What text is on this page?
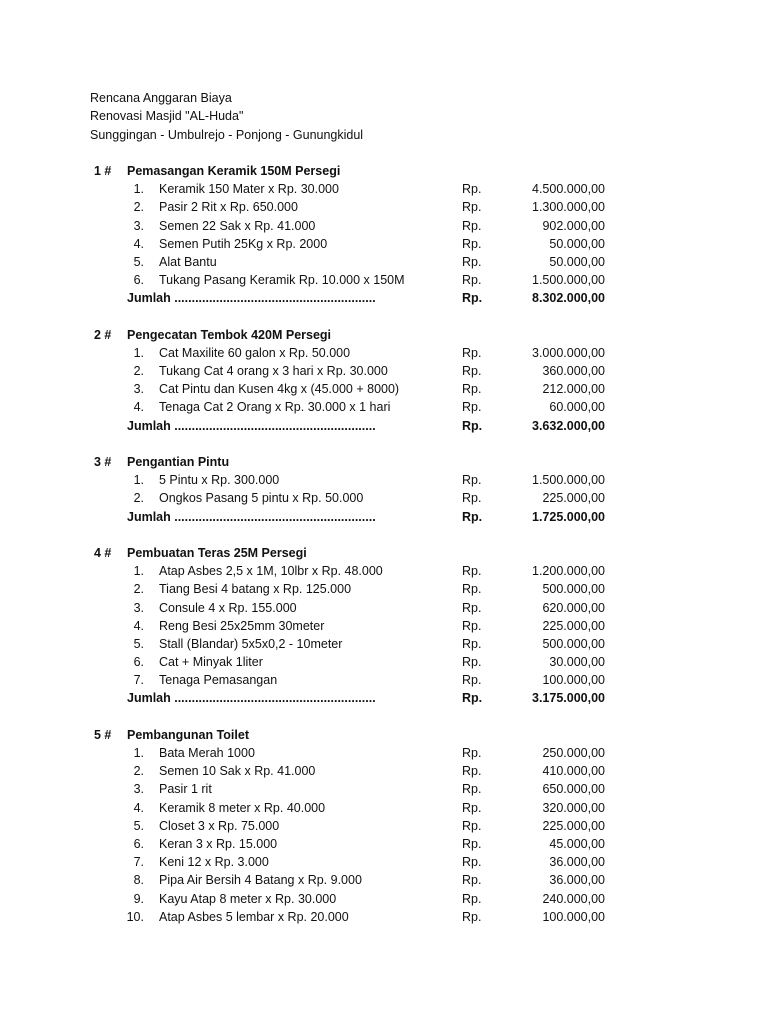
Rencana Anggaran Biaya
Renovasi Masjid "AL-Huda"
Sunggingan - Umbulrejo - Ponjong - Gunungkidul
1 # Pemasangan Keramik 150M Persegi
1. Keramik 150 Mater x Rp. 30.000	Rp.	4.500.000,00
2. Pasir 2 Rit x Rp. 650.000	Rp.	1.300.000,00
3. Semen 22 Sak x Rp. 41.000	Rp.	902.000,00
4. Semen Putih 25Kg x Rp. 2000	Rp.	50.000,00
5. Alat Bantu	Rp.	50.000,00
6. Tukang Pasang Keramik Rp. 10.000 x 150M	Rp.	1.500.000,00
Jumlah ..........................................................	Rp.	8.302.000,00
2 # Pengecatan Tembok 420M Persegi
1. Cat Maxilite 60 galon x Rp. 50.000	Rp.	3.000.000,00
2. Tukang Cat 4 orang x 3 hari x Rp. 30.000	Rp.	360.000,00
3. Cat Pintu dan Kusen 4kg x (45.000 + 8000)	Rp.	212.000,00
4. Tenaga Cat 2 Orang x Rp. 30.000 x 1 hari	Rp.	60.000,00
Jumlah ..........................................................	Rp.	3.632.000,00
3 # Pengantian Pintu
1. 5 Pintu x Rp. 300.000	Rp.	1.500.000,00
2. Ongkos Pasang 5 pintu x Rp. 50.000	Rp.	225.000,00
Jumlah ..........................................................	Rp.	1.725.000,00
4 # Pembuatan Teras 25M Persegi
1. Atap Asbes 2,5 x 1M, 10lbr x Rp. 48.000	Rp.	1.200.000,00
2. Tiang Besi 4 batang x Rp. 125.000	Rp.	500.000,00
3. Consule 4 x Rp. 155.000	Rp.	620.000,00
4. Reng Besi 25x25mm 30meter	Rp.	225.000,00
5. Stall (Blandar) 5x5x0,2 - 10meter	Rp.	500.000,00
6. Cat + Minyak 1liter	Rp.	30.000,00
7. Tenaga Pemasangan	Rp.	100.000,00
Jumlah ..........................................................	Rp.	3.175.000,00
5 # Pembangunan Toilet
1. Bata Merah 1000	Rp.	250.000,00
2. Semen 10 Sak x Rp. 41.000	Rp.	410.000,00
3. Pasir 1 rit	Rp.	650.000,00
4. Keramik 8 meter x Rp. 40.000	Rp.	320.000,00
5. Closet 3 x Rp. 75.000	Rp.	225.000,00
6. Keran 3 x Rp. 15.000	Rp.	45.000,00
7. Keni 12 x Rp. 3.000	Rp.	36.000,00
8. Pipa Air Bersih 4 Batang x Rp. 9.000	Rp.	36.000,00
9. Kayu Atap 8 meter x Rp. 30.000	Rp.	240.000,00
10. Atap Asbes 5 lembar x Rp. 20.000	Rp.	100.000,00
